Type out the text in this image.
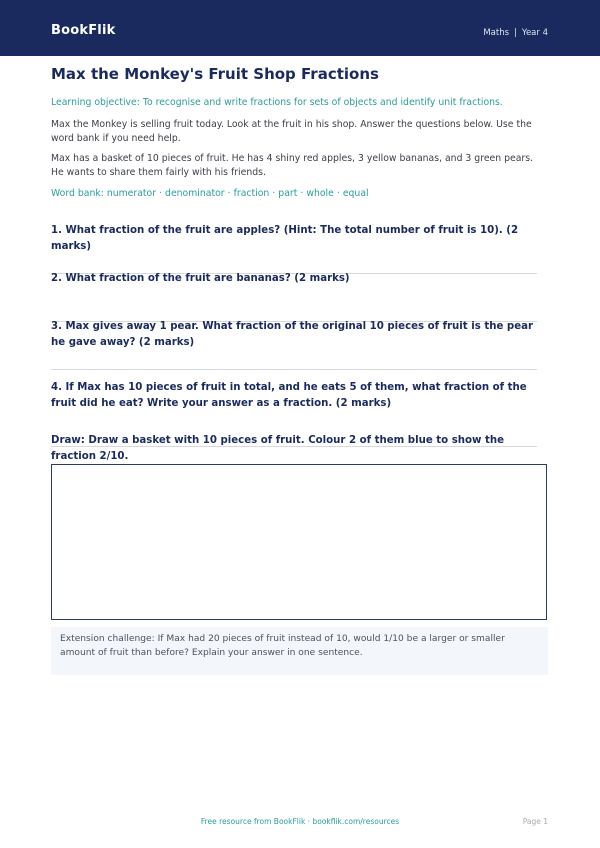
BookFlik	Maths | Year 4
Max the Monkey's Fruit Shop Fractions
Learning objective: To recognise and write fractions for sets of objects and identify unit fractions.
Max the Monkey is selling fruit today. Look at the fruit in his shop. Answer the questions below. Use the word bank if you need help.
Max has a basket of 10 pieces of fruit. He has 4 shiny red apples, 3 yellow bananas, and 3 green pears. He wants to share them fairly with his friends.
Word bank: numerator · denominator · fraction · part · whole · equal
1. What fraction of the fruit are apples? (Hint: The total number of fruit is 10). (2 marks)
2. What fraction of the fruit are bananas? (2 marks)
3. Max gives away 1 pear. What fraction of the original 10 pieces of fruit is the pear he gave away? (2 marks)
4. If Max has 10 pieces of fruit in total, and he eats 5 of them, what fraction of the fruit did he eat? Write your answer as a fraction. (2 marks)
Draw: Draw a basket with 10 pieces of fruit. Colour 2 of them blue to show the fraction 2/10.
Extension challenge: If Max had 20 pieces of fruit instead of 10, would 1/10 be a larger or smaller amount of fruit than before? Explain your answer in one sentence.
Free resource from BookFlik · bookflik.com/resources	Page 1
